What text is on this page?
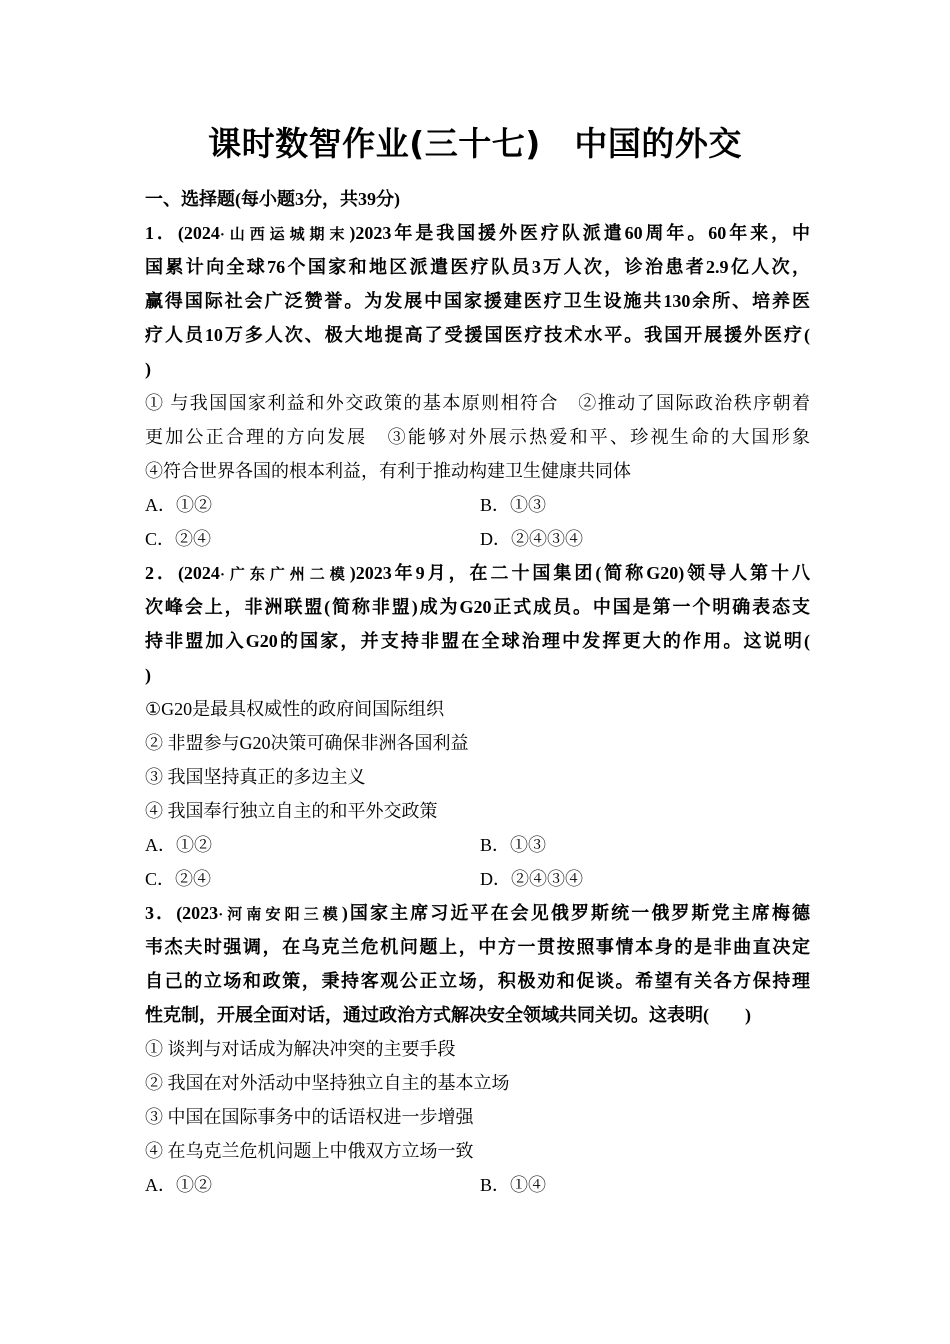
课时数智作业(三十七)　中国的外交
一、选择题(每小题3分，共39分)
1．(2024·山西运城期末)2023年是我国援外医疗队派遣60周年。60年来，中
国累计向全球76个国家和地区派遣医疗队员3万人次，诊治患者2.9亿人次，
赢得国际社会广泛赞誉。为发展中国家援建医疗卫生设施共130余所、培养医
疗人员10万多人次、极大地提高了受援国医疗技术水平。我国开展援外医疗(
)
① 与我国国家利益和外交政策的基本原则相符合　②推动了国际政治秩序朝着
更加公正合理的方向发展　③能够对外展示热爱和平、珍视生命的大国形象
④符合世界各国的根本利益，有利于推动构建卫生健康共同体
A．①②	B．①③
C．②④	D．②④③④
2．(2024·广东广州二模)2023年9月，在二十国集团(简称G20)领导人第十八
次峰会上，非洲联盟(简称非盟)成为G20正式成员。中国是第一个明确表态支
持非盟加入G20的国家，并支持非盟在全球治理中发挥更大的作用。这说明(
)
①G20是最具权威性的政府间国际组织
② 非盟参与G20决策可确保非洲各国利益
③ 我国坚持真正的多边主义
④ 我国奉行独立自主的和平外交政策
A．①②	B．①③
C．②④	D．②④③④
3．(2023·河南安阳三模)国家主席习近平在会见俄罗斯统一俄罗斯党主席梅德
韦杰夫时强调，在乌克兰危机问题上，中方一贯按照事情本身的是非曲直决定
自己的立场和政策，秉持客观公正立场，积极劝和促谈。希望有关各方保持理
性克制，开展全面对话，通过政治方式解决安全领域共同关切。这表明(　　)
① 谈判与对话成为解决冲突的主要手段
② 我国在对外活动中坚持独立自主的基本立场
③ 中国在国际事务中的话语权进一步增强
④ 在乌克兰危机问题上中俄双方立场一致
A．①②	B．①④
